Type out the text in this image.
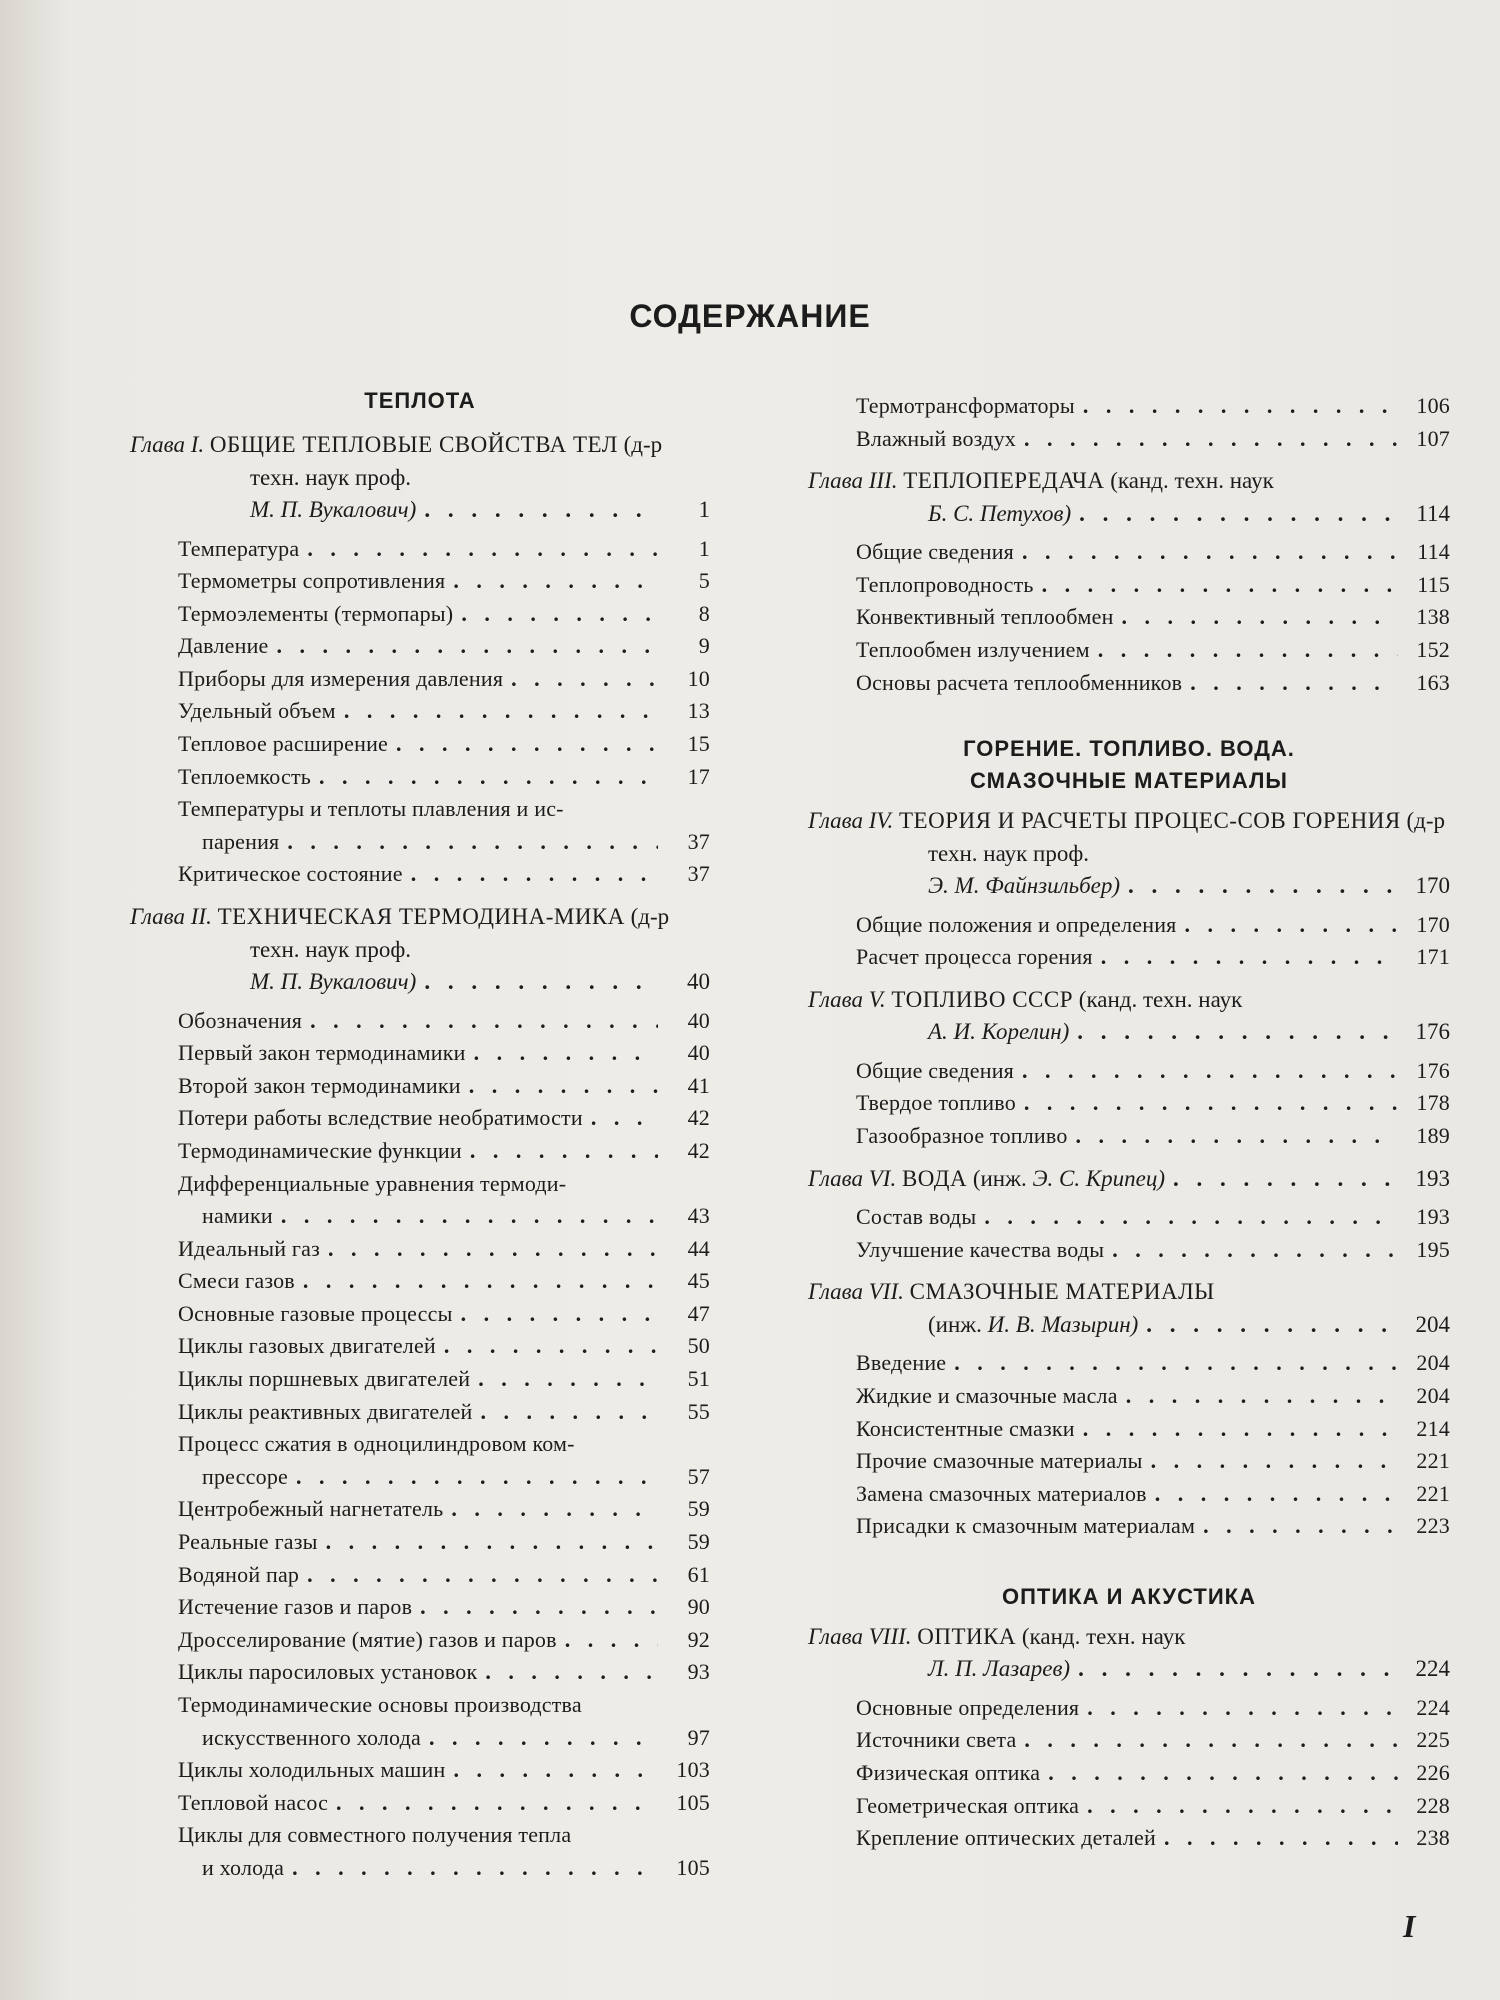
СОДЕРЖАНИЕ
ТЕПЛОТА
Глава I. ОБЩИЕ ТЕПЛОВЫЕ СВОЙСТВА ТЕЛ (д-р техн. наук проф.
М. П. Вукалович) . . .	1
Температура . . .	1
Термометры сопротивления . . .	5
Термоэлементы (термопары) . . .	8
Давление . . .	9
Приборы для измерения давления . . .	10
Удельный объем . . .	13
Тепловое расширение . . .	15
Теплоемкость . . .	17
Температуры и теплоты плавления и ис-
парения . . .	37
Критическое состояние . . .	37
Глава II. ТЕХНИЧЕСКАЯ ТЕРМОДИНА-МИКА (д-р техн. наук проф.
М. П. Вукалович) . . .	40
Обозначения . . .	40
Первый закон термодинамики . . .	40
Второй закон термодинамики . . .	41
Потери работы вследствие необратимости . . .	42
Термодинамические функции . . .	42
Дифференциальные уравнения термоди-
намики . . .	43
Идеальный газ . . .	44
Смеси газов . . .	45
Основные газовые процессы . . .	47
Циклы газовых двигателей . . .	50
Циклы поршневых двигателей . . .	51
Циклы реактивных двигателей . . .	55
Процесс сжатия в одноцилиндровом ком-
прессоре . . .	57
Центробежный нагнетатель . . .	59
Реальные газы . . .	59
Водяной пар . . .	61
Истечение газов и паров . . .	90
Дросселирование (мятие) газов и паров . . .	92
Циклы паросиловых установок . . .	93
Термодинамические основы производства
искусственного холода . . .	97
Циклы холодильных машин . . .	103
Тепловой насос . . .	105
Циклы для совместного получения тепла
и холода . . .	105
Термотрансформаторы . . .	106
Влажный воздух . . .	107
Глава III. ТЕПЛОПЕРЕДАЧА (канд. техн. наук
Б. С. Петухов) . . .	114
Общие сведения . . .	114
Теплопроводность . . .	115
Конвективный теплообмен . . .	138
Теплообмен излучением . . .	152
Основы расчета теплообменников . . .	163
ГОРЕНИЕ. ТОПЛИВО. ВОДА.
СМАЗОЧНЫЕ МАТЕРИАЛЫ
Глава IV. ТЕОРИЯ И РАСЧЕТЫ ПРОЦЕС-СОВ ГОРЕНИЯ (д-р техн. наук проф.
Э. М. Файнзильбер) . . .	170
Общие положения и определения . . .	170
Расчет процесса горения . . .	171
Глава V. ТОПЛИВО СССР (канд. техн. наук
А. И. Корелин) . . .	176
Общие сведения . . .	176
Твердое топливо . . .	178
Газообразное топливо . . .	189
Глава VI.
ВОДА
(инж.
Э. С. Крипец) . . .	193
Состав воды . . .	193
Улучшение качества воды . . .	195
Глава VII. СМАЗОЧНЫЕ МАТЕРИАЛЫ
(инж.
И. В. Мазырин) . . .	204
Введение . . .	204
Жидкие и смазочные масла . . .	204
Консистентные смазки . . .	214
Прочие смазочные материалы . . .	221
Замена смазочных материалов . . .	221
Присадки к смазочным материалам . . .	223
ОПТИКА И АКУСТИКА
Глава VIII. ОПТИКА (канд. техн. наук
Л. П. Лазарев) . . .	224
Основные определения . . .	224
Источники света . . .	225
Физическая оптика . . .	226
Геометрическая оптика . . .	228
Крепление оптических деталей . . .	238
I
